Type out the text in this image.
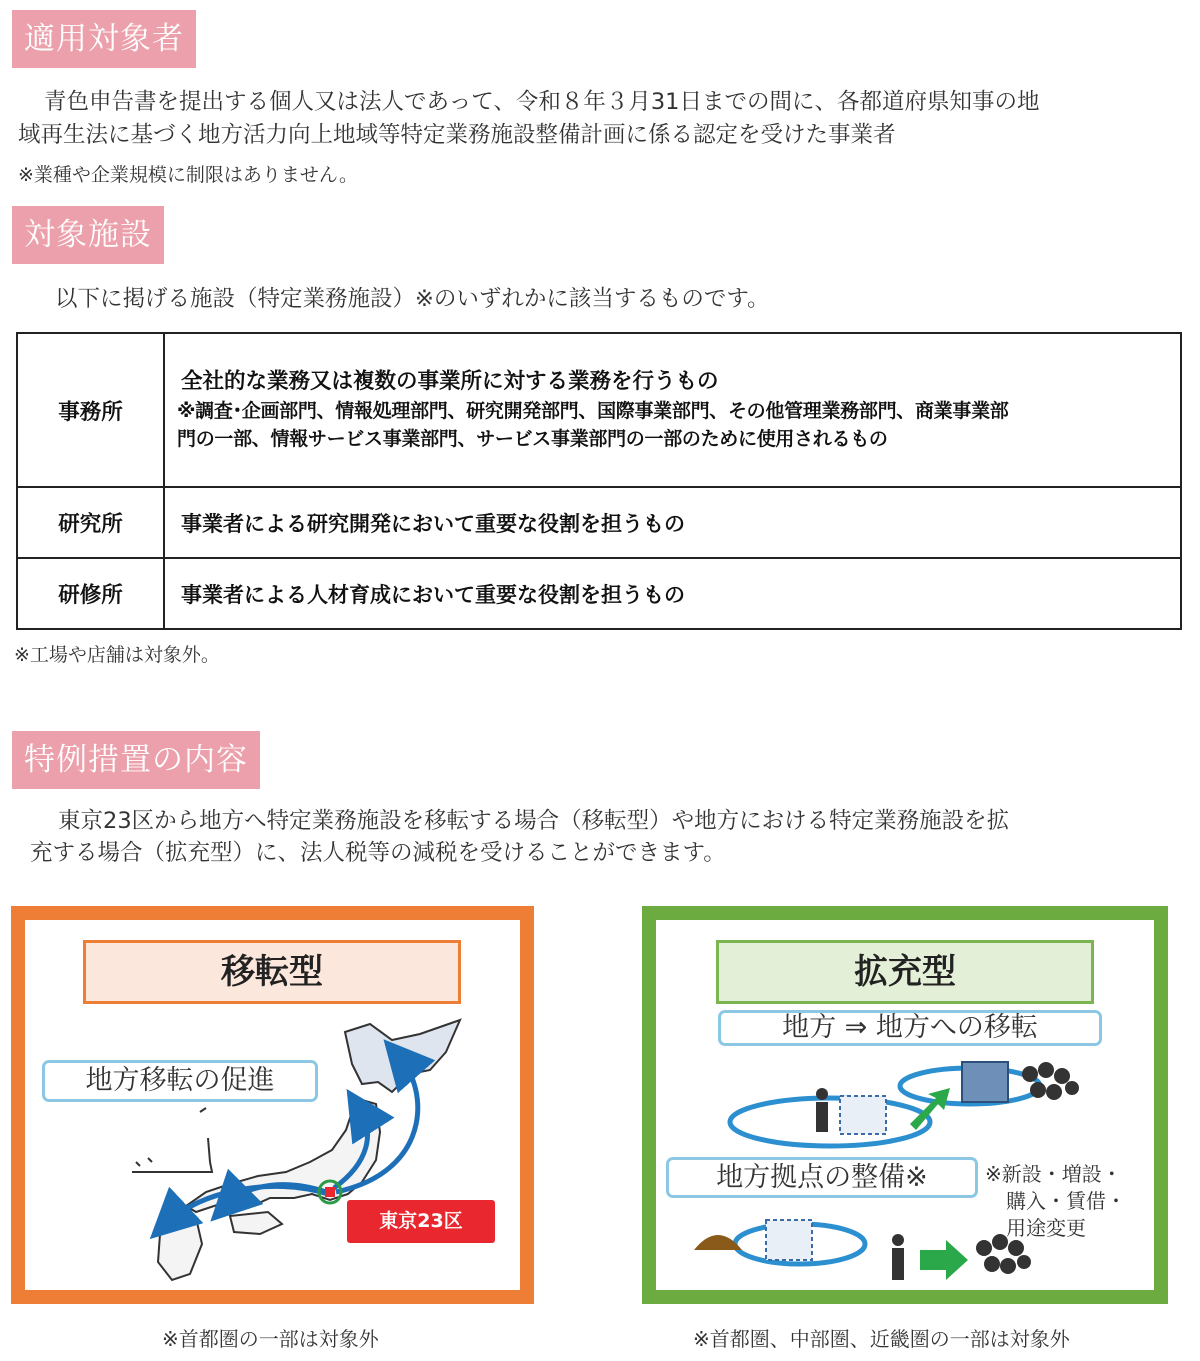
適用対象者
青色申告書を提出する個人又は法人であって、令和８年３月31日までの間に、各都道府県知事の地
域再生法に基づく地方活力向上地域等特定業務施設整備計画に係る認定を受けた事業者
※業種や企業規模に制限はありません。
対象施設
以下に掲げる施設（特定業務施設）※のいずれかに該当するものです。
事務所	全社的な業務又は複数の事業所に対する業務を行うもの
※調査･企画部門、情報処理部門、研究開発部門、国際事業部門、その他管理業務部門、商業事業部
門の一部、情報サービス事業部門、サービス事業部門の一部のために使用されるもの

研究所	事業者による研究開発において重要な役割を担うもの
研修所	事業者による人材育成において重要な役割を担うもの
※工場や店舗は対象外。
特例措置の内容
東京23区から地方へ特定業務施設を移転する場合（移転型）や地方における特定業務施設を拡
充する場合（拡充型）に、法人税等の減税を受けることができます。
移転型
地方移転の促進
東京23区
※首都圏の一部は対象外
拡充型
地方 ⇒ 地方への移転
地方拠点の整備※	※新設・増設・
購入・賃借・
用途変更
※首都圏、中部圏、近畿圏の一部は対象外
